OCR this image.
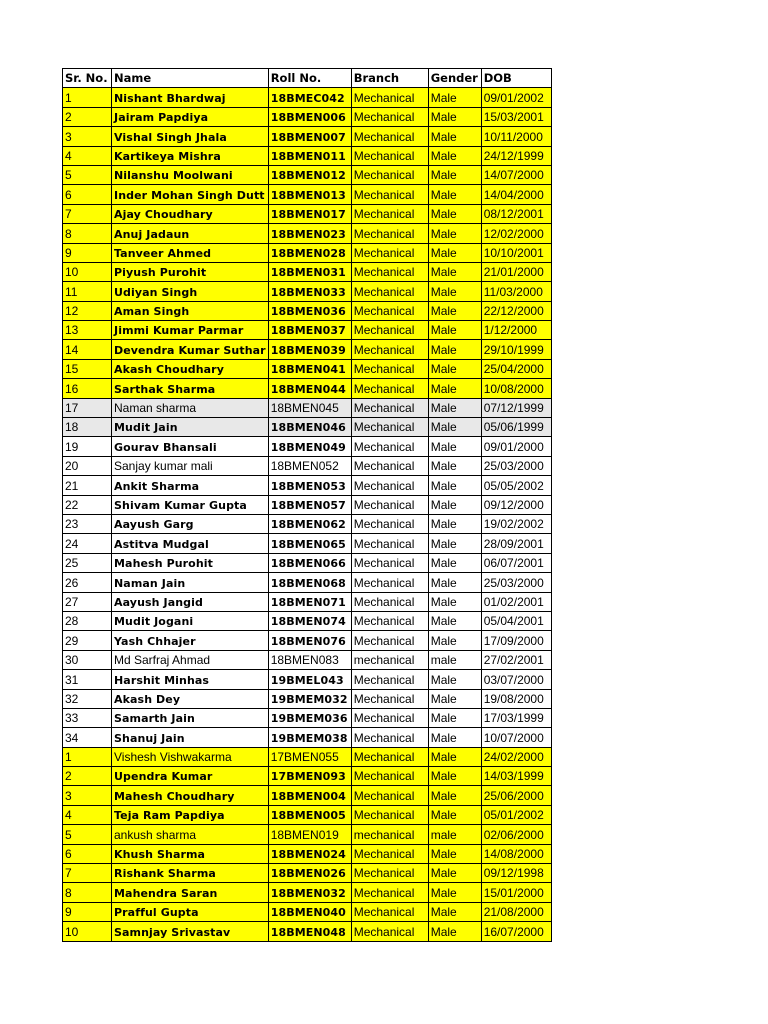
Sr. No.	Name	Roll No.	Branch	Gender	DOB
1	Nishant Bhardwaj	18BMEC042	Mechanical	Male	09/01/2002
2	Jairam Papdiya	18BMEN006	Mechanical	Male	15/03/2001
3	Vishal Singh Jhala	18BMEN007	Mechanical	Male	10/11/2000
4	Kartikeya Mishra	18BMEN011	Mechanical	Male	24/12/1999
5	Nilanshu Moolwani	18BMEN012	Mechanical	Male	14/07/2000
6	Inder Mohan Singh Dutt	18BMEN013	Mechanical	Male	14/04/2000
7	Ajay Choudhary	18BMEN017	Mechanical	Male	08/12/2001
8	Anuj Jadaun	18BMEN023	Mechanical	Male	12/02/2000
9	Tanveer Ahmed	18BMEN028	Mechanical	Male	10/10/2001
10	Piyush Purohit	18BMEN031	Mechanical	Male	21/01/2000
11	Udiyan Singh	18BMEN033	Mechanical	Male	11/03/2000
12	Aman Singh	18BMEN036	Mechanical	Male	22/12/2000
13	Jimmi Kumar Parmar	18BMEN037	Mechanical	Male	1/12/2000
14	Devendra Kumar Suthar	18BMEN039	Mechanical	Male	29/10/1999
15	Akash Choudhary	18BMEN041	Mechanical	Male	25/04/2000
16	Sarthak Sharma	18BMEN044	Mechanical	Male	10/08/2000
17	Naman sharma	18BMEN045	Mechanical	Male	07/12/1999
18	Mudit Jain	18BMEN046	Mechanical	Male	05/06/1999
19	Gourav Bhansali	18BMEN049	Mechanical	Male	09/01/2000
20	Sanjay kumar mali	18BMEN052	Mechanical	Male	25/03/2000
21	Ankit Sharma	18BMEN053	Mechanical	Male	05/05/2002
22	Shivam Kumar Gupta	18BMEN057	Mechanical	Male	09/12/2000
23	Aayush Garg	18BMEN062	Mechanical	Male	19/02/2002
24	Astitva Mudgal	18BMEN065	Mechanical	Male	28/09/2001
25	Mahesh Purohit	18BMEN066	Mechanical	Male	06/07/2001
26	Naman Jain	18BMEN068	Mechanical	Male	25/03/2000
27	Aayush Jangid	18BMEN071	Mechanical	Male	01/02/2001
28	Mudit Jogani	18BMEN074	Mechanical	Male	05/04/2001
29	Yash Chhajer	18BMEN076	Mechanical	Male	17/09/2000
30	Md Sarfraj Ahmad	18BMEN083	mechanical	male	27/02/2001
31	Harshit Minhas	19BMEL043	Mechanical	Male	03/07/2000
32	Akash Dey	19BMEM032	Mechanical	Male	19/08/2000
33	Samarth Jain	19BMEM036	Mechanical	Male	17/03/1999
34	Shanuj Jain	19BMEM038	Mechanical	Male	10/07/2000
1	Vishesh Vishwakarma	17BMEN055	Mechanical	Male	24/02/2000
2	Upendra Kumar	17BMEN093	Mechanical	Male	14/03/1999
3	Mahesh Choudhary	18BMEN004	Mechanical	Male	25/06/2000
4	Teja Ram Papdiya	18BMEN005	Mechanical	Male	05/01/2002
5	ankush sharma	18BMEN019	mechanical	male	02/06/2000
6	Khush Sharma	18BMEN024	Mechanical	Male	14/08/2000
7	Rishank Sharma	18BMEN026	Mechanical	Male	09/12/1998
8	Mahendra Saran	18BMEN032	Mechanical	Male	15/01/2000
9	Prafful Gupta	18BMEN040	Mechanical	Male	21/08/2000
10	Samnjay Srivastav	18BMEN048	Mechanical	Male	16/07/2000
